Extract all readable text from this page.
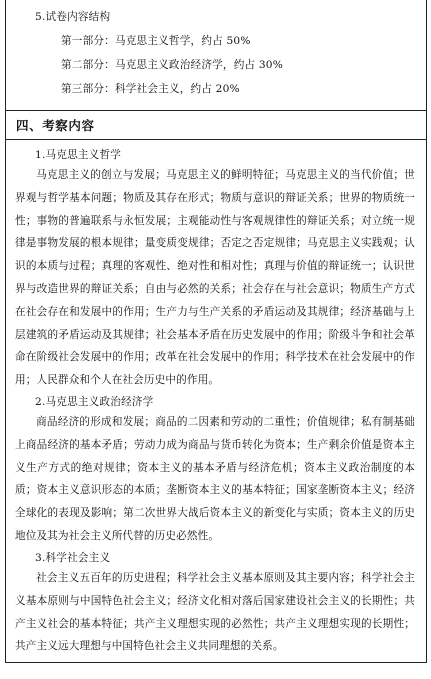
5.试卷内容结构
第一部分：马克思主义哲学，约占 50%
第二部分：马克思主义政治经济学，约占 30%
第三部分：科学社会主义，约占 20%
四、考察内容
1.马克思主义哲学
马克思主义的创立与发展；马克思主义的鲜明特征；马克思主义的当代价值；世界观与哲学基本问题；物质及其存在形式；物质与意识的辩证关系；世界的物质统一性；事物的普遍联系与永恒发展；主观能动性与客观规律性的辩证关系；对立统一规律是事物发展的根本规律；量变质变规律；否定之否定规律；马克思主义实践观；认识的本质与过程；真理的客观性、绝对性和相对性；真理与价值的辩证统一；认识世界与改造世界的辩证关系；自由与必然的关系；社会存在与社会意识；物质生产方式在社会存在和发展中的作用；生产力与生产关系的矛盾运动及其规律；经济基础与上层建筑的矛盾运动及其规律；社会基本矛盾在历史发展中的作用；阶级斗争和社会革命在阶级社会发展中的作用；改革在社会发展中的作用；科学技术在社会发展中的作用；人民群众和个人在社会历史中的作用。
2.马克思主义政治经济学
商品经济的形成和发展；商品的二因素和劳动的二重性；价值规律；私有制基础上商品经济的基本矛盾；劳动力成为商品与货币转化为资本；生产剩余价值是资本主义生产方式的绝对规律；资本主义的基本矛盾与经济危机；资本主义政治制度的本质；资本主义意识形态的本质；垄断资本主义的基本特征；国家垄断资本主义；经济全球化的表现及影响；第二次世界大战后资本主义的新变化与实质；资本主义的历史地位及其为社会主义所代替的历史必然性。
3.科学社会主义
社会主义五百年的历史进程；科学社会主义基本原则及其主要内容；科学社会主义基本原则与中国特色社会主义；经济文化相对落后国家建设社会主义的长期性；共产主义社会的基本特征；共产主义理想实现的必然性；共产主义理想实现的长期性；共产主义远大理想与中国特色社会主义共同理想的关系。
